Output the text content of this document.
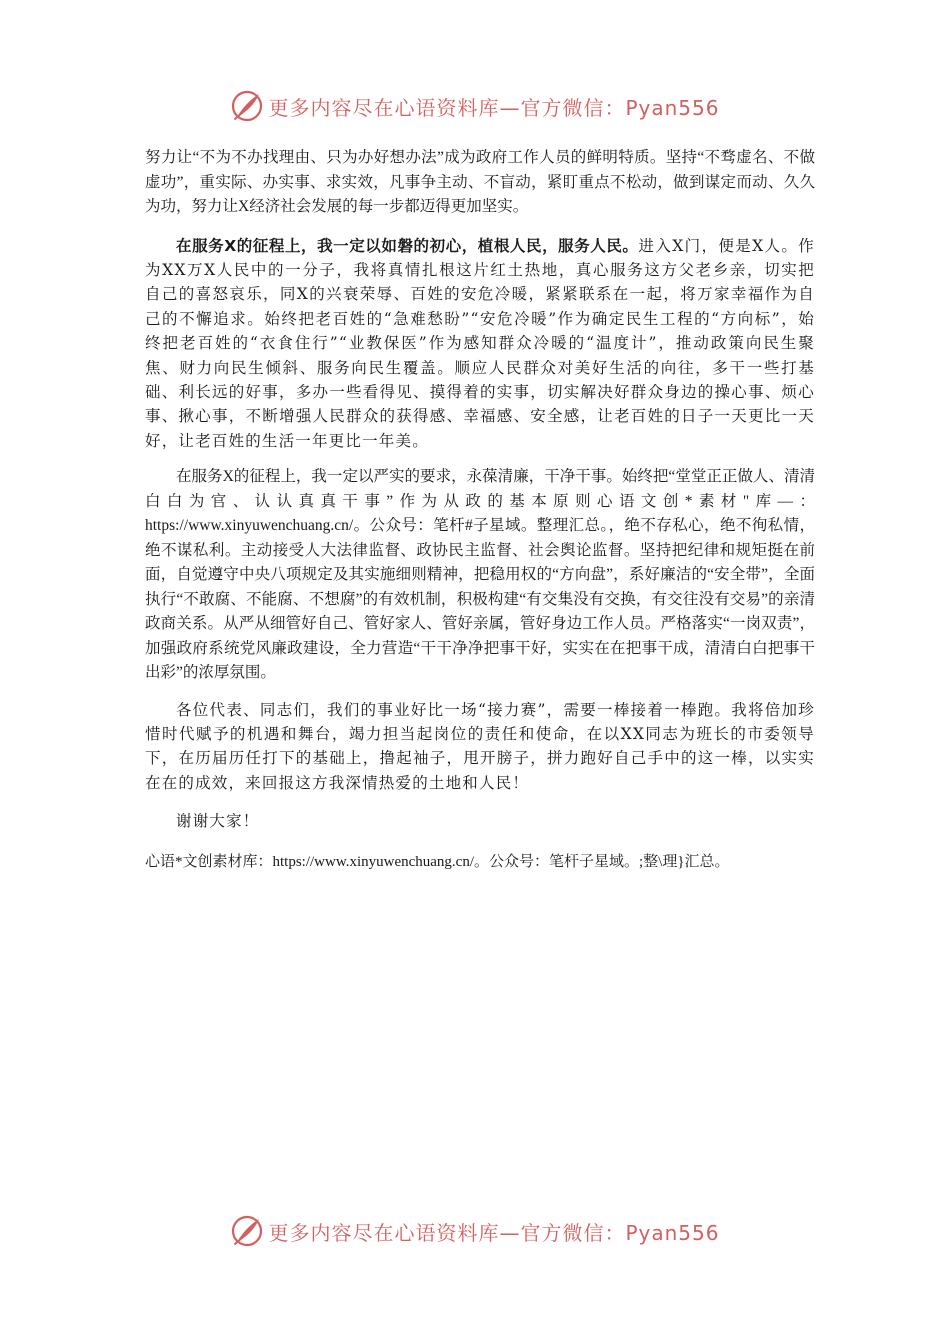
更多内容尽在心语资料库—官方微信：Pyan556

努力让“不为不办找理由、只为办好想办法”成为政府工作人员的鲜明特质。坚持“不骛虚名、不做虚功”，重实际、办实事、求实效，凡事争主动、不盲动，紧盯重点不松动，做到谋定而动、久久为功，努力让X经济社会发展的每一步都迈得更加坚实。

在服务X的征程上，我一定以如磐的初心，植根人民，服务人民。进入X门，便是X人。作为XX万X人民中的一分子，我将真情扎根这片红土热地，真心服务这方父老乡亲，切实把自己的喜怒哀乐，同X的兴衰荣辱、百姓的安危冷暖，紧紧联系在一起，将万家幸福作为自己的不懈追求。始终把老百姓的“急难愁盼”“安危冷暖”作为确定民生工程的“方向标”，始终把老百姓的“衣食住行”“业教保医”作为感知群众冷暖的“温度计”，推动政策向民生聚焦、财力向民生倾斜、服务向民生覆盖。顺应人民群众对美好生活的向往，多干一些打基础、利长远的好事，多办一些看得见、摸得着的实事，切实解决好群众身边的操心事、烦心事、揪心事，不断增强人民群众的获得感、幸福感、安全感，让老百姓的日子一天更比一天好，让老百姓的生活一年更比一年美。

在服务X的征程上，我一定以严实的要求，永葆清廉，干净干事。始终把“堂堂正正做人、清清白白为官、认认真真干事”作为从政的基本原则心语文创*素材"库—：https://www.xinyuwenchuang.cn/。公众号：笔杆#子星域。整理汇总。，绝不存私心，绝不徇私情，绝不谋私利。主动接受人大法律监督、政协民主监督、社会舆论监督。坚持把纪律和规矩挺在前面，自觉遵守中央八项规定及其实施细则精神，把稳用权的“方向盘”，系好廉洁的“安全带”，全面执行“不敢腐、不能腐、不想腐”的有效机制，积极构建“有交集没有交换，有交往没有交易”的亲清政商关系。从严从细管好自己、管好家人、管好亲属，管好身边工作人员。严格落实“一岗双责”，加强政府系统党风廉政建设，全力营造“干干净净把事干好，实实在在把事干成，清清白白把事干出彩”的浓厚氛围。

各位代表、同志们，我们的事业好比一场“接力赛”，需要一棒接着一棒跑。我将倍加珍惜时代赋予的机遇和舞台，竭力担当起岗位的责任和使命，在以XX同志为班长的市委领导下，在历届历任打下的基础上，撸起袖子，甩开膀子，拼力跑好自己手中的这一棒，以实实在在的成效，来回报这方我深情热爱的土地和人民！

谢谢大家！

心语*文创素材库：https://www.xinyuwenchuang.cn/。公众号：笔杆子星域。;整\理}汇总。

更多内容尽在心语资料库—官方微信：Pyan556
